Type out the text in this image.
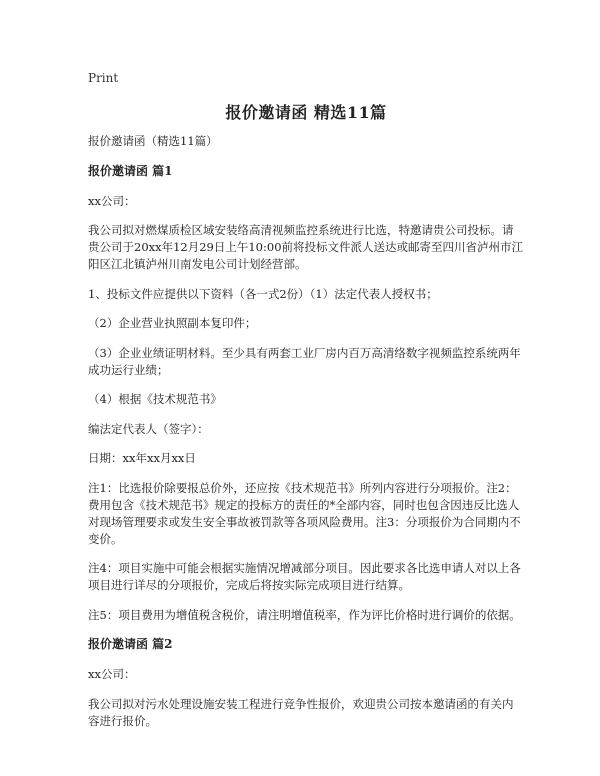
Print
报价邀请函 精选11篇

报价邀请函（精选11篇）

报价邀请函 篇1

xx公司：

我公司拟对燃煤质检区域安装络高清视频监控系统进行比选，特邀请贵公司投标。请贵公司于20xx年12月29日上午10:00前将投标文件派人送达或邮寄至四川省泸州市江阳区江北镇泸州川南发电公司计划经营部。

1、投标文件应提供以下资料（各一式2份）（1）法定代表人授权书；

（2）企业营业执照副本复印件；

（3）企业业绩证明材料。至少具有两套工业厂房内百万高清络数字视频监控系统两年成功运行业绩；

（4）根据《技术规范书》

编法定代表人（签字）：

日期：xx年xx月xx日

注1：比选报价除要报总价外，还应按《技术规范书》所列内容进行分项报价。注2：费用包含《技术规范书》规定的投标方的责任的*全部内容，同时也包含因违反比选人对现场管理要求或发生安全事故被罚款等各项风险费用。注3：分项报价为合同期内不变价。

注4：项目实施中可能会根据实施情况增减部分项目。因此要求各比选申请人对以上各项目进行详尽的分项报价，完成后将按实际完成项目进行结算。

注5：项目费用为增值税含税价，请注明增值税率，作为评比价格时进行调价的依据。

报价邀请函 篇2

xx公司：

我公司拟对污水处理设施安装工程进行竞争性报价，欢迎贵公司按本邀请函的有关内容进行报价。
